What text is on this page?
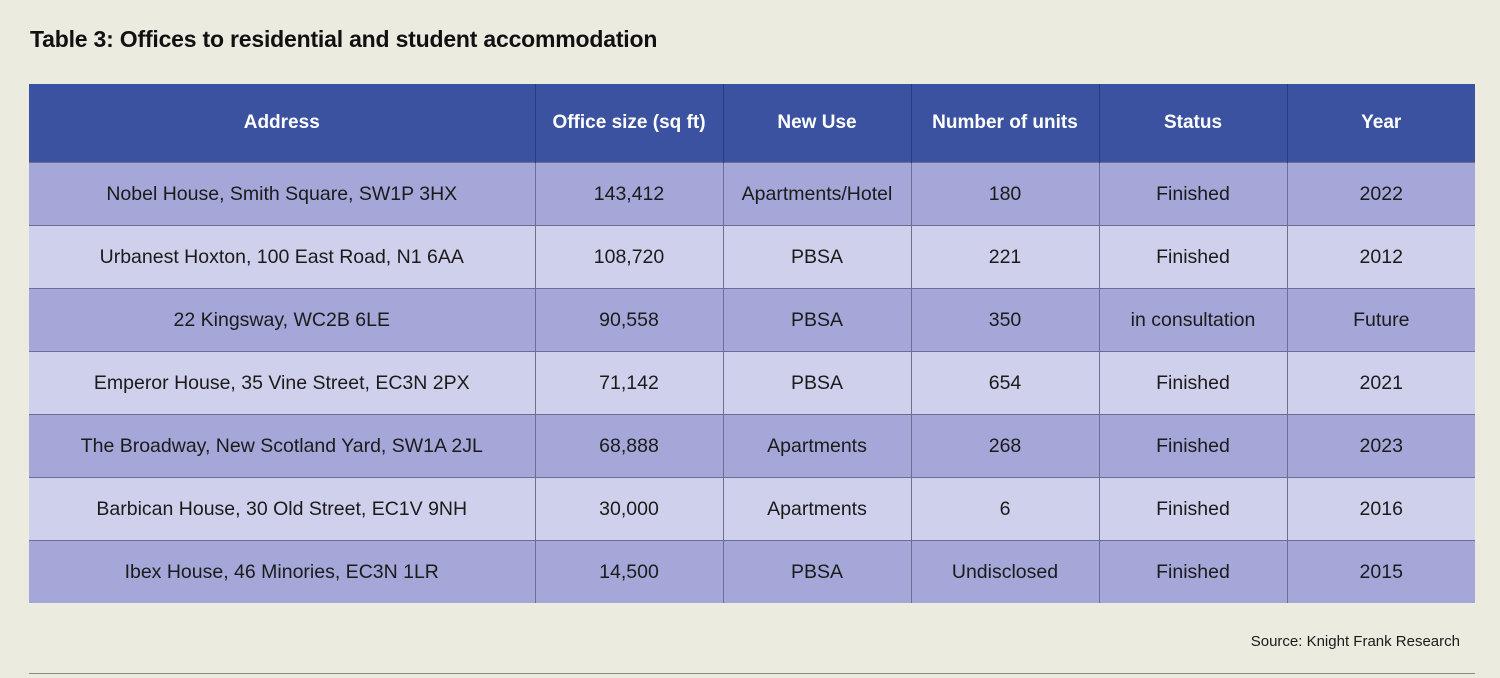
Table 3: Offices to residential and student accommodation
Address	Office size (sq ft)	New Use	Number of units	Status	Year
Nobel House, Smith Square, SW1P 3HX	143,412	Apartments/Hotel	180	Finished	2022
Urbanest Hoxton, 100 East Road, N1 6AA	108,720	PBSA	221	Finished	2012
22 Kingsway, WC2B 6LE	90,558	PBSA	350	in consultation	Future
Emperor House, 35 Vine Street, EC3N 2PX	71,142	PBSA	654	Finished	2021
The Broadway, New Scotland Yard, SW1A 2JL	68,888	Apartments	268	Finished	2023
Barbican House, 30 Old Street, EC1V 9NH	30,000	Apartments	6	Finished	2016
Ibex House, 46 Minories, EC3N 1LR	14,500	PBSA	Undisclosed	Finished	2015
Source: Knight Frank Research
